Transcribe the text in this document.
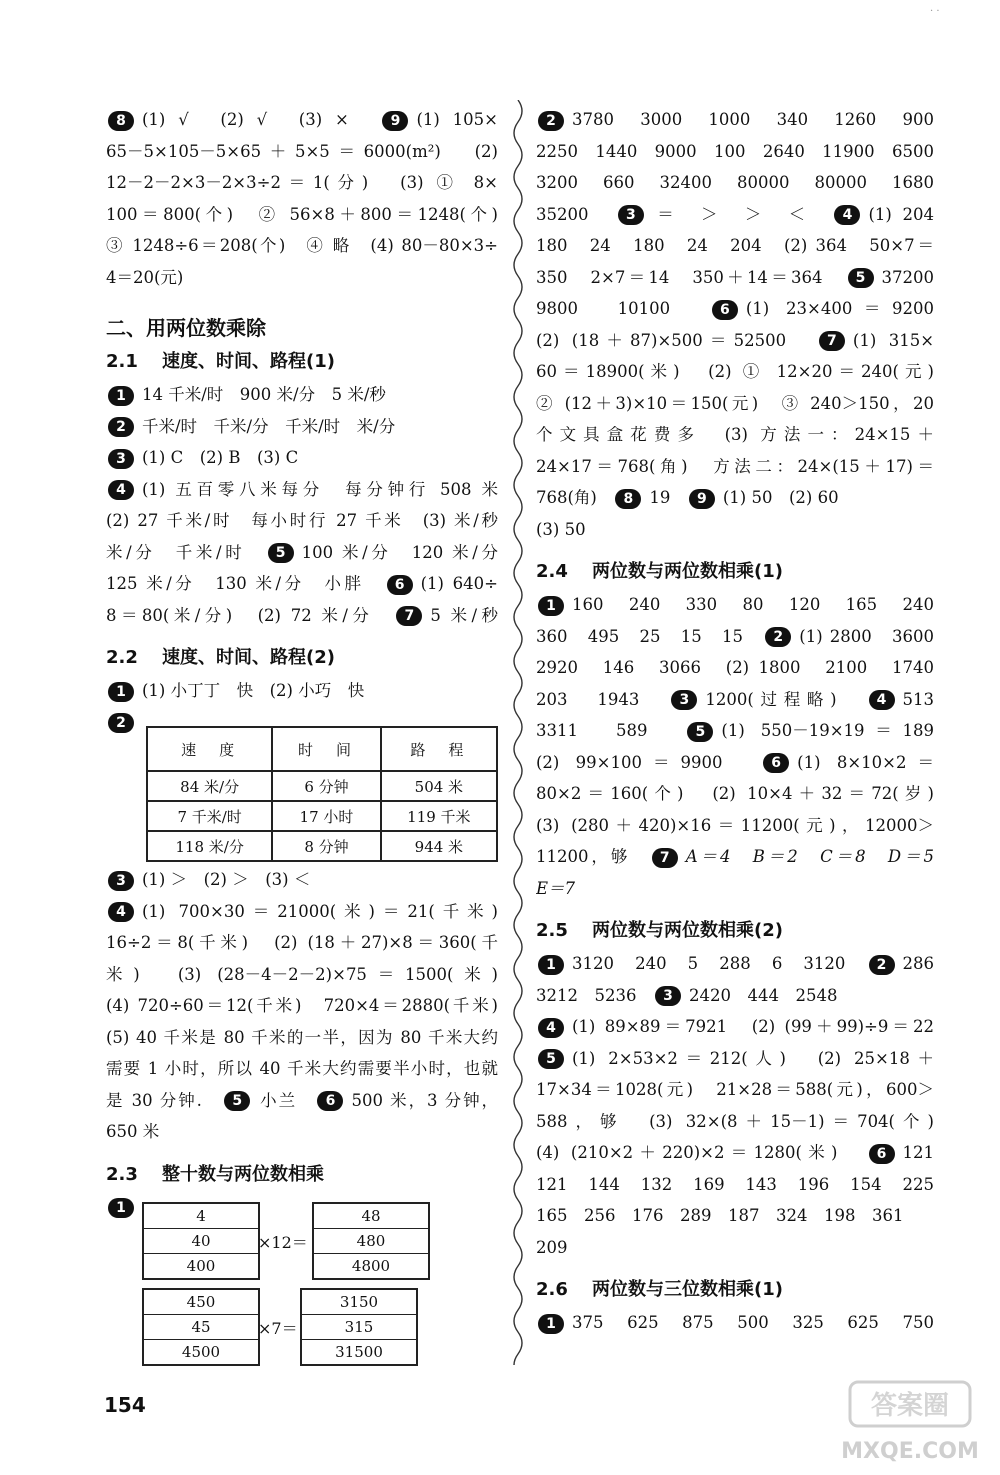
· ·
8 (1) √　(2) √　(3) ×　9 (1) 105×
65－5×105－5×65＋5×5＝6000(m²)　(2)
12－2－2×3－2×3÷2＝1(分)　(3) ① 8×
100＝800(个)　② 56×8＋800＝1248(个)
③ 1248÷6＝208(个)　④ 略　(4) 80－80×3÷
4＝20(元)
二、用两位数乘除
2.1 速度、时间、路程(1)
1 14 千米/时　900 米/分　5 米/秒
2 千米/时　千米/分　千米/时　米/分
3 (1) C　(2) B　(3) C
4 (1) 五百零八米每分　每分钟行 508 米
(2) 27 千米/时　每小时行 27 千米　(3) 米/秒
米/分　千米/时　 5 100 米/分　120 米/分
125 米/分　130 米/分　小胖　 6 (1) 640÷
8＝80(米/分)　(2) 72 米/分　 7 5 米/秒
2.2 速度、时间、路程(2)
1 (1) 小丁丁　快　(2) 小巧　快
2
3 (1) ＞　(2) ＞　(3) ＜
4 (1) 700×30＝21000(米)＝21(千米)
16÷2＝8(千米)　(2) (18＋27)×8＝360(千
米)　(3) (28－4－2－2)×75＝1500(米)
(4) 720÷60＝12(千米)　720×4＝2880(千米)
(5) 40 千米是 80 千米的一半，因为 80 千米大约
需要 1 小时，所以 40 千米大约需要半小时，也就
是 30 分钟.　 5 小兰　 6 500 米，3 分钟，
650 米
2.3 整十数与两位数相乘
1
速　度	时　间	路　程
84 米/分	6 分钟	504 米
7 千米/时	17 小时	119 千米
118 米/分	8 分钟	944 米
4
40
400
×12＝
48
480
4800
450
45
4500
×7＝
3150
315
31500
2 3780　3000　1000　340　1260　900
2250　1440　9000　100　2640　11900　6500
3200　660　32400　80000　80000　1680
35200　	3 ＝　＞　＞　＜　	4 (1) 204
180　24　180　24　204　(2) 364　50×7＝
350　2×7＝14　350＋14＝364　 5 37200
9800　10100　	6 (1) 23×400＝9200
(2) (18＋87)×500＝52500　	7 (1) 315×
60＝18900(米)　(2) ① 12×20＝240(元)
② (12＋3)×10＝150(元)　③ 240＞150，20
个文具盒花费多　(3) 方法一：24×15＋
24×17＝768(角)　方法二：24×(15＋17)＝
768(角)　 8 19　 9 (1) 50　(2) 60
(3) 50
2.4 两位数与两位数相乘(1)
1 160　240　330　80　120　165　240
360　495　25　15　15　 2 (1) 2800　3600
2920　146　3066　(2) 1800　2100　1740
203　1943　	3 1200(过程略)　	4 513
3311　589　	5 (1) 550－19×19＝189
(2) 99×100＝9900　	6 (1) 8×10×2＝
80×2＝160(个)　(2) 10×4＋32＝72(岁)
(3) (280＋420)×16＝11200(元)，12000＞
11200，够　 7 A＝4　B＝2　C＝8　D＝5
E＝7
2.5 两位数与两位数相乘(2)
1 3120　240　5　288　6　3120　 2 286
3212　5236　 3 2420　444　2548
4 (1) 89×89＝7921　(2) (99＋99)÷9＝22
5 (1) 2×53×2＝212(人)　(2) 25×18＋
17×34＝1028(元)　21×28＝588(元)，600＞
588，够　(3) 32×(8＋15－1)＝704(个)
(4) (210×2＋220)×2＝1280(米)　	6 121
121　144　132　169　143　196　154　225
165　256　176　289　187　324　198　361
209
2.6 两位数与三位数相乘(1)
1 375　625　875　500　325　625　750
154	答案圈
MXQE.COM
